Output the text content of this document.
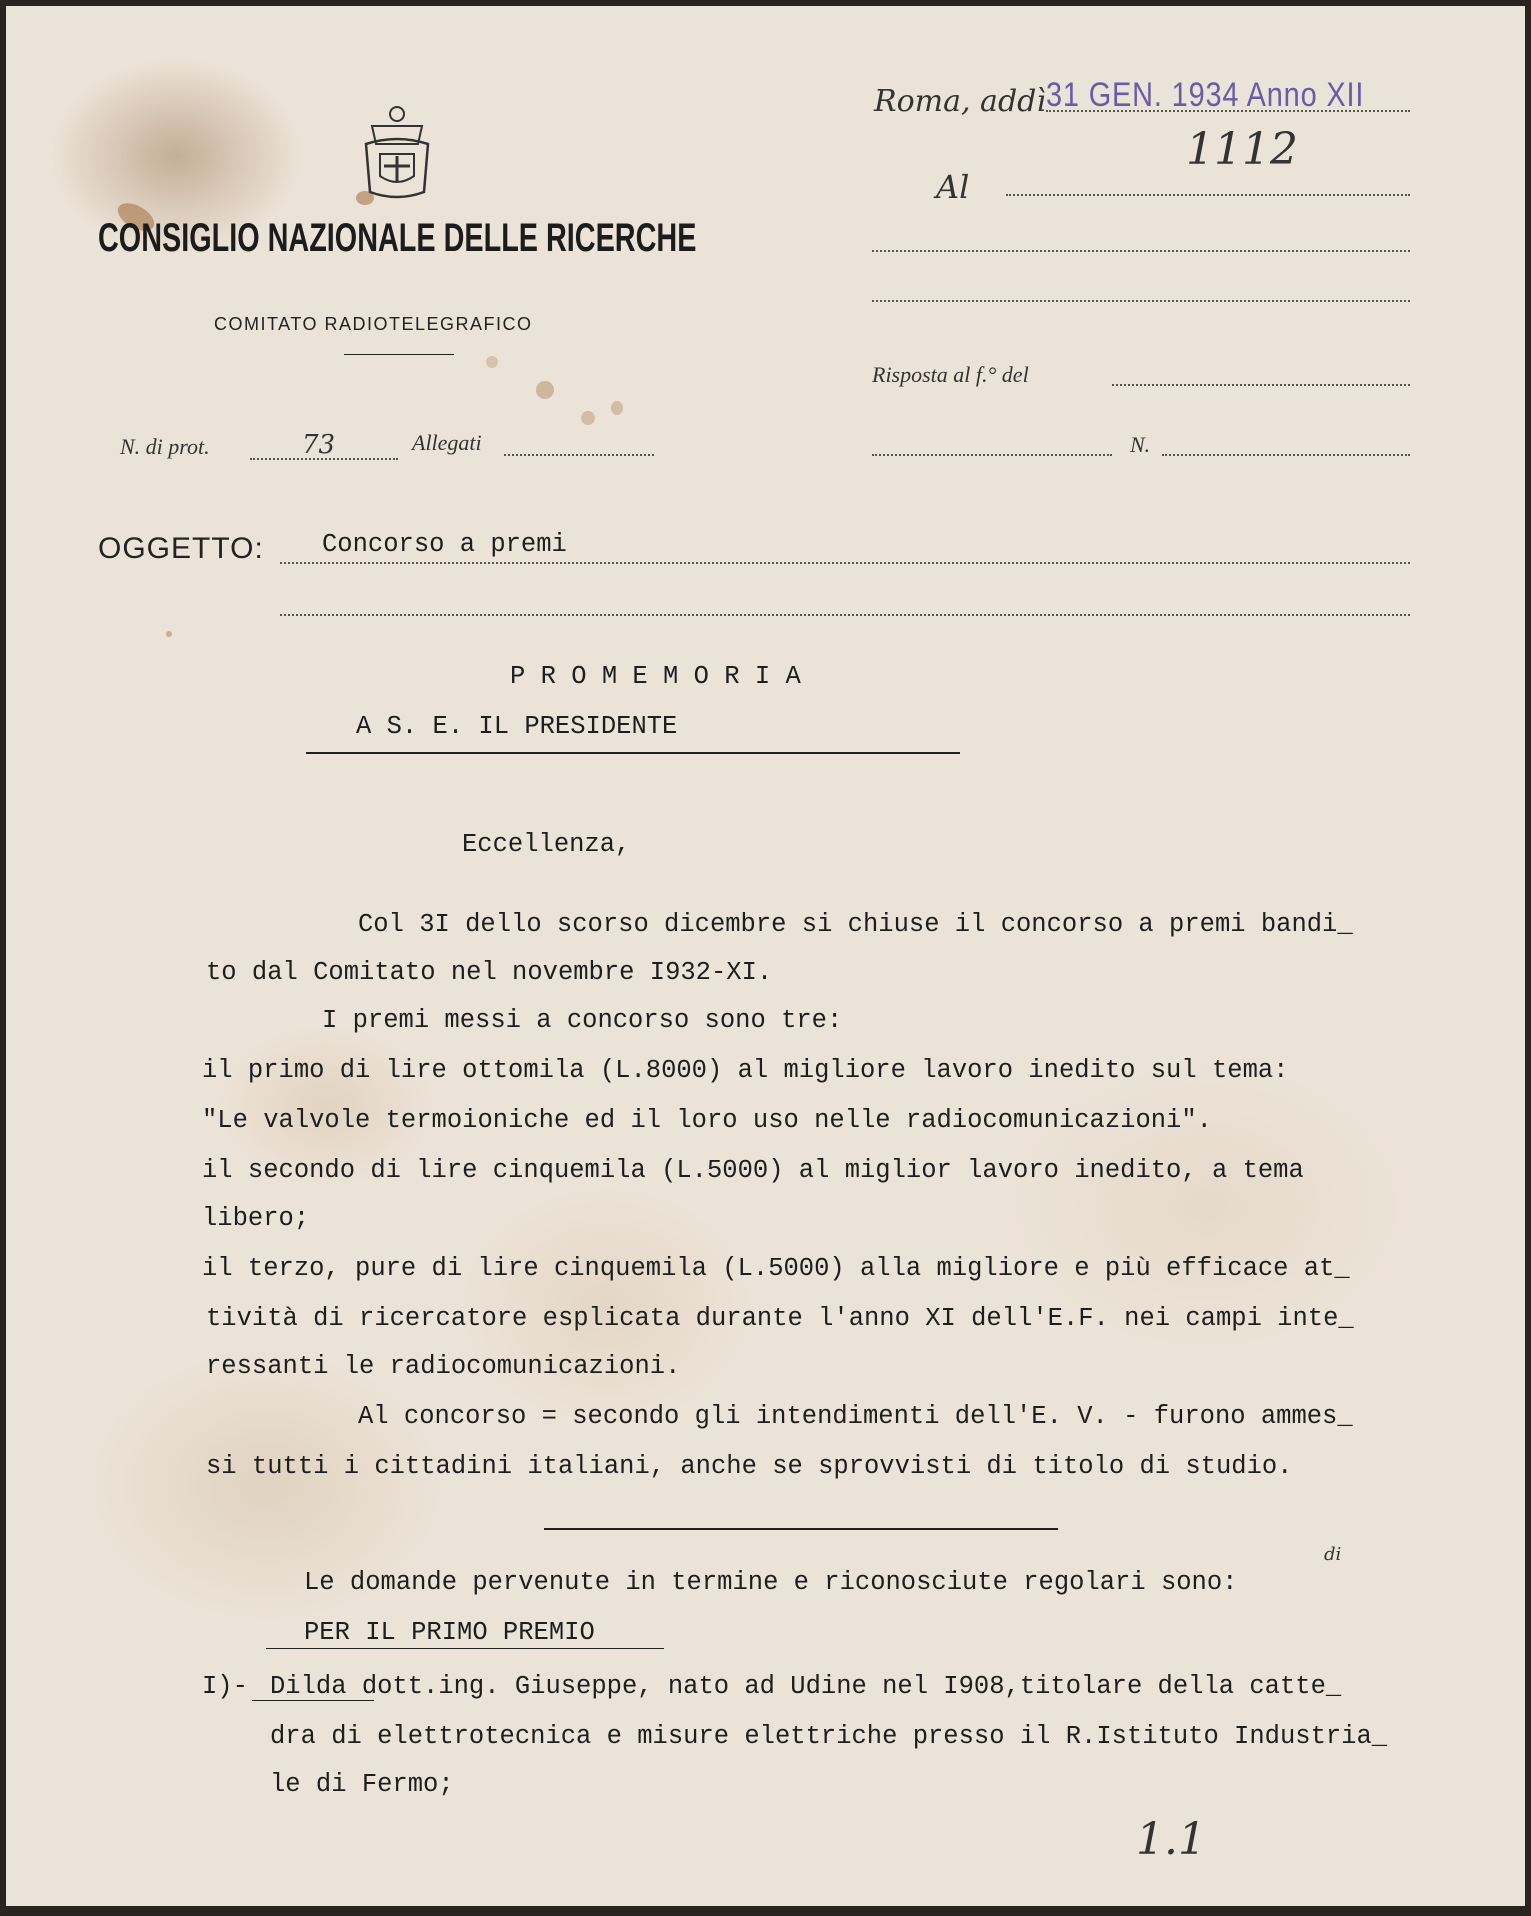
CONSIGLIO NAZIONALE DELLE RICERCHE
COMITATO RADIOTELEGRAFICO
Roma, addì 31 GEN. 1934 Anno XII
1112
Al
Risposta al f.° del
N. di prot.	73	Allegati	N.
OGGETTO: Concorso a premi
P R O M E M O R I A
A S. E. IL PRESIDENTE
Eccellenza,
Col 3I dello scorso dicembre si chiuse il concorso a premi bandi_
to dal Comitato nel novembre I932-XI.
I premi messi a concorso sono tre:
il primo di lire ottomila (L.8000) al migliore lavoro inedito sul tema:
"Le valvole termoioniche ed il loro uso nelle radiocomunicazioni".
il secondo di lire cinquemila (L.5000) al miglior lavoro inedito, a tema
libero;
il terzo, pure di lire cinquemila (L.5000) alla migliore e più efficace at_
tività di ricercatore esplicata durante l'anno XI dell'E.F. nei campi inte_
ressanti le radiocomunicazioni.
Al concorso = secondo gli intendimenti dell'E. V. - furono ammes_
si tutti i cittadini italiani, anche se sprovvisti di titolo di studio.
Le domande pervenute in termine e riconosciute regolari sono:
di
PER IL PRIMO PREMIO
I)- Dilda dott.ing. Giuseppe, nato ad Udine nel I908,titolare della catte_
dra di elettrotecnica e misure elettriche presso il R.Istituto Industria_
le di Fermo;
1.1
